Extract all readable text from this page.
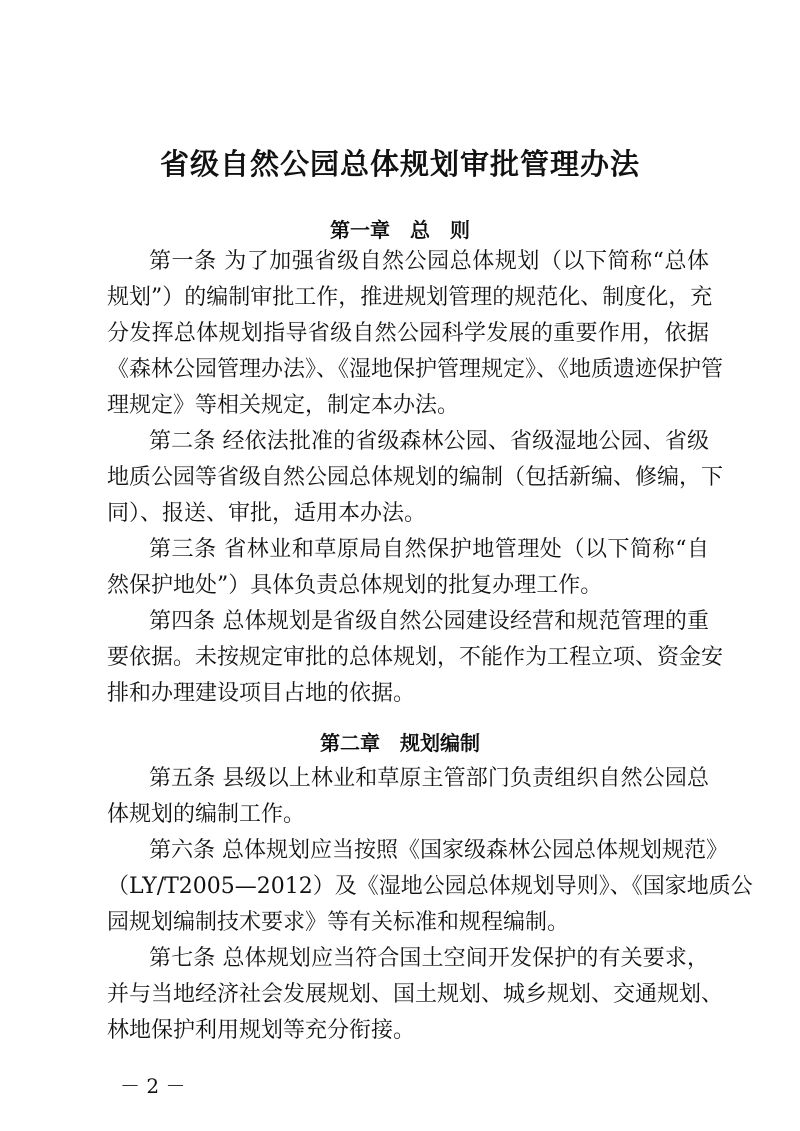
省级自然公园总体规划审批管理办法
第一章　总　则
第一条 为了加强省级自然公园总体规划（以下简称“总体
规划”）的编制审批工作，推进规划管理的规范化、制度化，充
分发挥总体规划指导省级自然公园科学发展的重要作用，依据
《森林公园管理办法》、《湿地保护管理规定》、《地质遗迹保护管
理规定》等相关规定，制定本办法。
第二条 经依法批准的省级森林公园、省级湿地公园、省级
地质公园等省级自然公园总体规划的编制（包括新编、修编，下
同）、报送、审批，适用本办法。
第三条 省林业和草原局自然保护地管理处（以下简称“自
然保护地处”）具体负责总体规划的批复办理工作。
第四条 总体规划是省级自然公园建设经营和规范管理的重
要依据。未按规定审批的总体规划，不能作为工程立项、资金安
排和办理建设项目占地的依据。
第二章　规划编制
第五条 县级以上林业和草原主管部门负责组织自然公园总
体规划的编制工作。
第六条 总体规划应当按照《国家级森林公园总体规划规范》
（LY/T2005—2012）及《湿地公园总体规划导则》、《国家地质公
园规划编制技术要求》等有关标准和规程编制。
第七条 总体规划应当符合国土空间开发保护的有关要求，
并与当地经济社会发展规划、国土规划、城乡规划、交通规划、
林地保护利用规划等充分衔接。
－ 2 －
